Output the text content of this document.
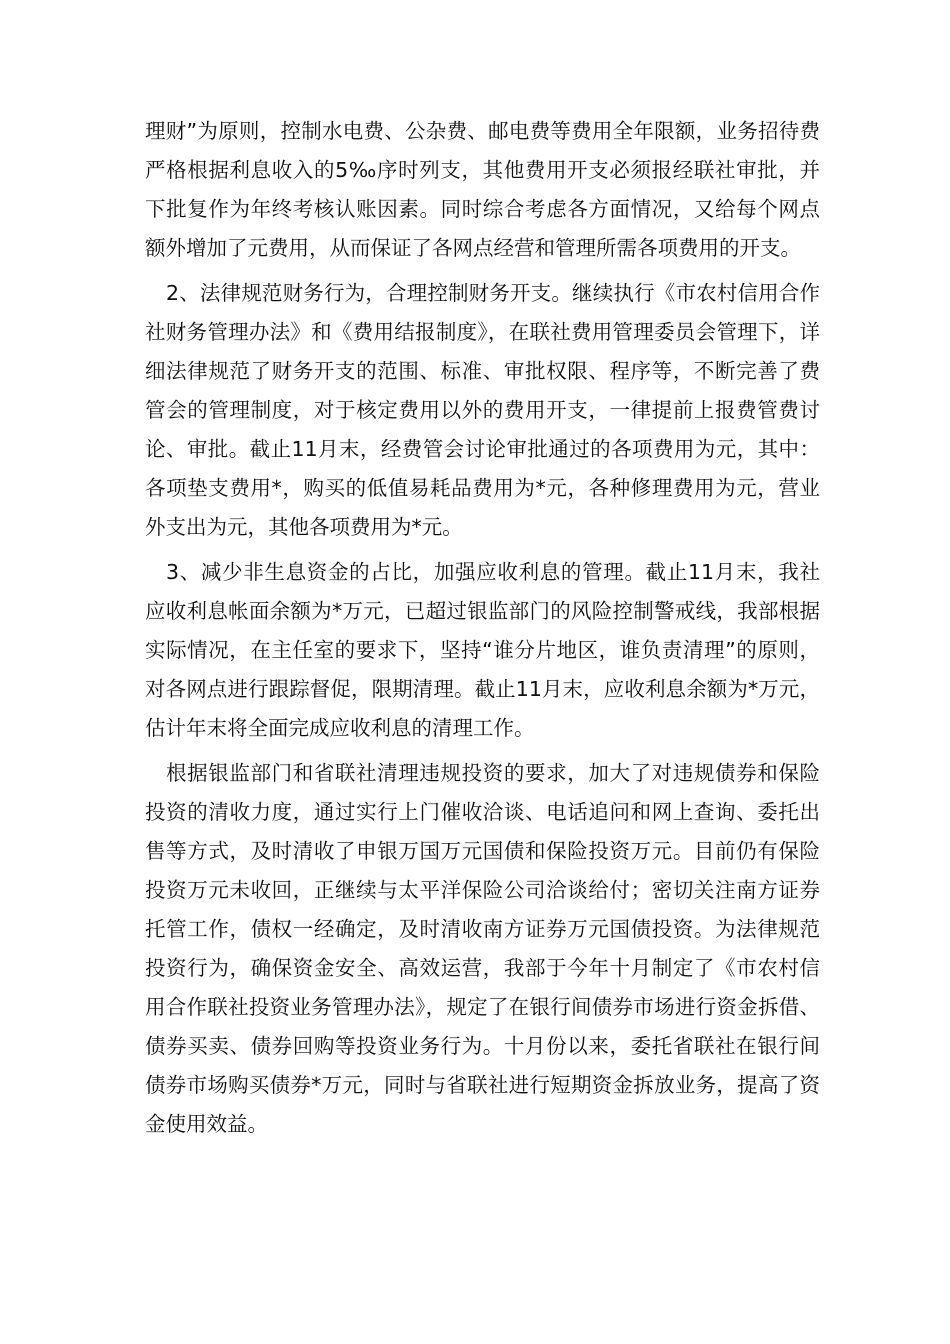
理财”为原则，控制水电费、公杂费、邮电费等费用全年限额，业务招待费严格根据利息收入的5‰序时列支，其他费用开支必须报经联社审批，并下批复作为年终考核认账因素。同时综合考虑各方面情况，又给每个网点额外增加了元费用，从而保证了各网点经营和管理所需各项费用的开支。

2、法律规范财务行为，合理控制财务开支。继续执行《市农村信用合作社财务管理办法》和《费用结报制度》，在联社费用管理委员会管理下，详细法律规范了财务开支的范围、标准、审批权限、程序等，不断完善了费管会的管理制度，对于核定费用以外的费用开支，一律提前上报费管费讨论、审批。截止11月末，经费管会讨论审批通过的各项费用为元，其中：各项垫支费用*，购买的低值易耗品费用为*元，各种修理费用为元，营业外支出为元，其他各项费用为*元。

3、减少非生息资金的占比，加强应收利息的管理。截止11月末，我社应收利息帐面余额为*万元，已超过银监部门的风险控制警戒线，我部根据实际情况，在主任室的要求下，坚持“谁分片地区，谁负责清理”的原则，对各网点进行跟踪督促，限期清理。截止11月末，应收利息余额为*万元，估计年末将全面完成应收利息的清理工作。

根据银监部门和省联社清理违规投资的要求，加大了对违规债券和保险投资的清收力度，通过实行上门催收洽谈、电话追问和网上查询、委托出售等方式，及时清收了申银万国万元国债和保险投资万元。目前仍有保险投资万元未收回，正继续与太平洋保险公司洽谈给付；密切关注南方证券托管工作，债权一经确定，及时清收南方证券万元国债投资。为法律规范投资行为，确保资金安全、高效运营，我部于今年十月制定了《市农村信用合作联社投资业务管理办法》，规定了在银行间债券市场进行资金拆借、债券买卖、债券回购等投资业务行为。十月份以来，委托省联社在银行间债券市场购买债券*万元，同时与省联社进行短期资金拆放业务，提高了资金使用效益。
